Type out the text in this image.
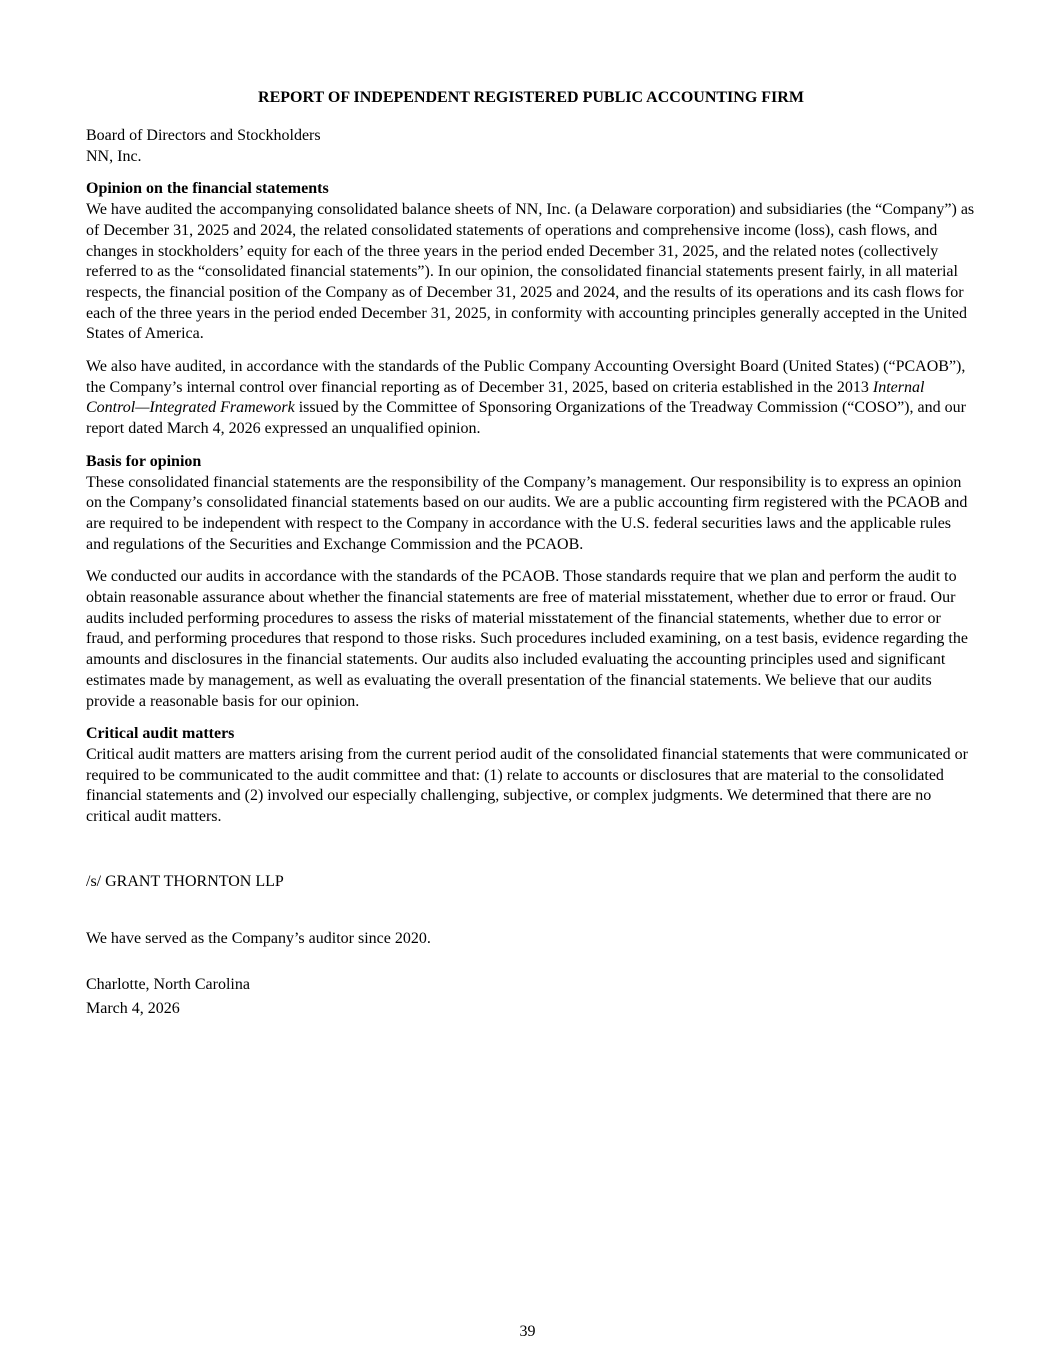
REPORT OF INDEPENDENT REGISTERED PUBLIC ACCOUNTING FIRM
Board of Directors and Stockholders
NN, Inc.
Opinion on the financial statements

We have audited the accompanying consolidated balance sheets of NN, Inc. (a Delaware corporation) and subsidiaries (the “Company”) as of December 31, 2025 and 2024, the related consolidated statements of operations and comprehensive income (loss), cash flows, and changes in stockholders’ equity for each of the three years in the period ended December 31, 2025, and the related notes (collectively referred to as the “consolidated financial statements”). In our opinion, the consolidated financial statements present fairly, in all material respects, the financial position of the Company as of December 31, 2025 and 2024, and the results of its operations and its cash flows for each of the three years in the period ended December 31, 2025, in conformity with accounting principles generally accepted in the United States of America.

We also have audited, in accordance with the standards of the Public Company Accounting Oversight Board (United States) (“PCAOB”), the Company’s internal control over financial reporting as of December 31, 2025, based on criteria established in the 2013 Internal Control—Integrated Framework issued by the Committee of Sponsoring Organizations of the Treadway Commission (“COSO”), and our report dated March 4, 2026 expressed an unqualified opinion.

Basis for opinion

These consolidated financial statements are the responsibility of the Company’s management. Our responsibility is to express an opinion on the Company’s consolidated financial statements based on our audits. We are a public accounting firm registered with the PCAOB and are required to be independent with respect to the Company in accordance with the U.S. federal securities laws and the applicable rules and regulations of the Securities and Exchange Commission and the PCAOB.

We conducted our audits in accordance with the standards of the PCAOB. Those standards require that we plan and perform the audit to obtain reasonable assurance about whether the financial statements are free of material misstatement, whether due to error or fraud. Our audits included performing procedures to assess the risks of material misstatement of the financial statements, whether due to error or fraud, and performing procedures that respond to those risks. Such procedures included examining, on a test basis, evidence regarding the amounts and disclosures in the financial statements. Our audits also included evaluating the accounting principles used and significant estimates made by management, as well as evaluating the overall presentation of the financial statements. We believe that our audits provide a reasonable basis for our opinion.

Critical audit matters

Critical audit matters are matters arising from the current period audit of the consolidated financial statements that were communicated or required to be communicated to the audit committee and that: (1) relate to accounts or disclosures that are material to the consolidated financial statements and (2) involved our especially challenging, subjective, or complex judgments. We determined that there are no critical audit matters.

/s/ GRANT THORNTON LLP
We have served as the Company’s auditor since 2020.
Charlotte, North Carolina
March 4, 2026
39
